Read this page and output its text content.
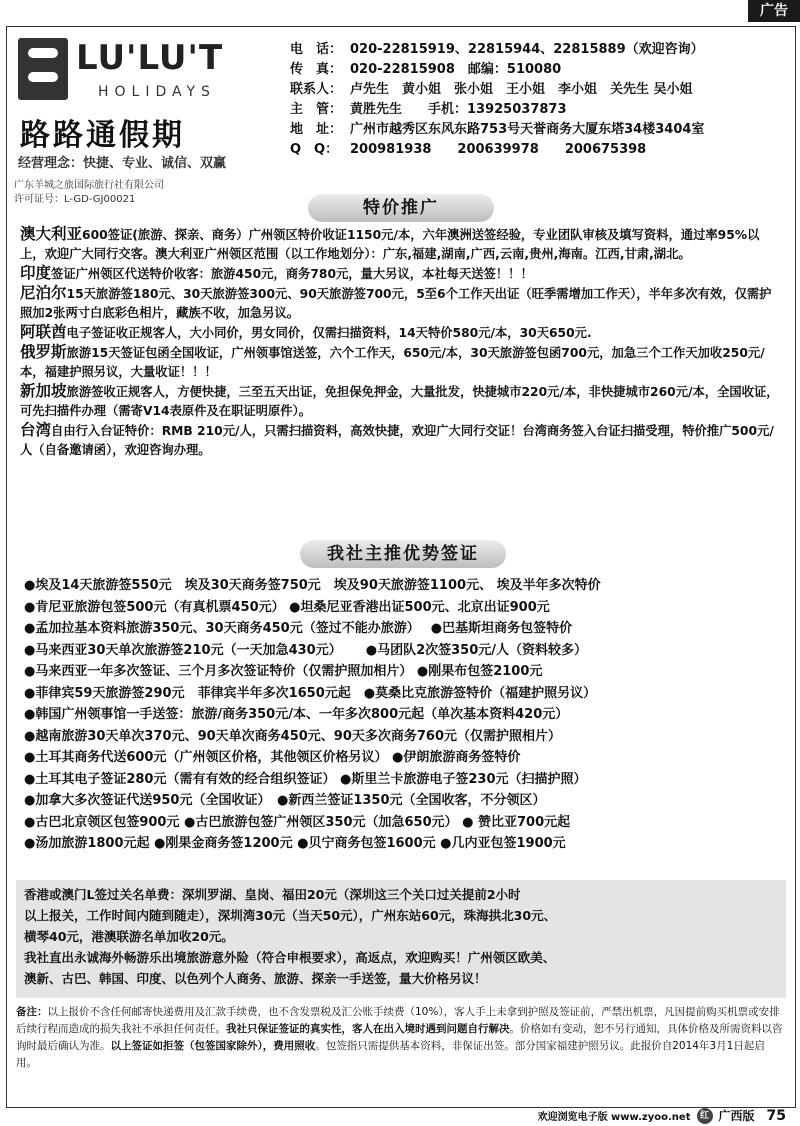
广告
LU'LU'T
HOLIDAYS
路路通假期
经营理念：快捷、专业、诚信、双赢
广东羊城之旅国际旅行社有限公司
许可证号：L-GD-GJ00021
电　话： 020-22815919、22815944、22815889（欢迎咨询）
传　真： 020-22815908　邮编：510080
联系人： 卢先生　黄小姐　张小姐　王小姐　李小姐　关先生 吴小姐
主　管： 黄胜先生　　手机：13925037873
地　址： 广州市越秀区东风东路753号天誉商务大厦东塔34楼3404室
Q　Q： 200981938　　200639978　　200675398
特价推广

澳大利亚600签证(旅游、探亲、商务）广州领区特价收证1150元/本，六年澳洲送签经验，专业团队审核及填写资料，通过率95%以上，欢迎广大同行交客。澳大利亚广州领区范围（以工作地划分）：广东,福建,湖南,广西,云南,贵州,海南。江西,甘肃,湖北。

印度签证广州领区代送特价收客：旅游450元，商务780元，量大另议，本社每天送签！！！

尼泊尔15天旅游签180元、30天旅游签300元、90天旅游签700元，5至6个工作天出证（旺季需增加工作天），半年多次有效，仅需护照加2张两寸白底彩色相片，藏族不收，加急另议。

阿联酋电子签证收正规客人，大小同价，男女同价，仅需扫描资料，14天特价580元/本，30天650元.

俄罗斯旅游15天签证包函全国收证，广州领事馆送签，六个工作天，650元/本，30天旅游签包函700元，加急三个工作天加收250元/本，福建护照另议，大量收证！！！

新加坡旅游签收正规客人，方便快捷，三至五天出证，免担保免押金，大量批发，快捷城市220元/本，非快捷城市260元/本，全国收证，可先扫描件办理（需寄V14表原件及在职证明原件）。

台湾自由行入台证特价：RMB 210元/人，只需扫描资料，高效快捷，欢迎广大同行交证！台湾商务签入台证扫描受理，特价推广500元/人（自备邀请函），欢迎咨询办理。

我社主推优势签证
●埃及14天旅游签550元　埃及30天商务签750元　埃及90天旅游签1100元、 埃及半年多次特价
●肯尼亚旅游包签500元（有真机票450元） ●坦桑尼亚香港出证500元、北京出证900元
●孟加拉基本资料旅游350元、30天商务450元（签过不能办旅游）　 ●巴基斯坦商务包签特价
●马来西亚30天单次旅游签210元（一天加急430元）　　 ●马团队2次签350元/人（资料较多）
●马来西亚一年多次签证、三个月多次签证特价（仅需护照加相片） ●刚果布包签2100元
●菲律宾59天旅游签290元　菲律宾半年多次1650元起　●莫桑比克旅游签特价（福建护照另议）
●韩国广州领事馆一手送签：旅游/商务350元/本、一年多次800元起（单次基本资料420元）
●越南旅游30天单次370元、90天单次商务450元、90天多次商务760元（仅需护照相片）
●土耳其商务代送600元（广州领区价格，其他领区价格另议） ●伊朗旅游商务签特价
●土耳其电子签证280元（需有有效的经合组织签证） ●斯里兰卡旅游电子签230元（扫描护照）
●加拿大多次签证代送950元（全国收证）　●新西兰签证1350元（全国收客，不分领区）
●古巴北京领区包签900元 ●古巴旅游包签广州领区350元（加急650元） ● 赞比亚700元起
●汤加旅游1800元起 ●刚果金商务签1200元 ●贝宁商务包签1600元 ●几内亚包签1900元
香港或澳门L签过关名单费：深圳罗湖、皇岗、福田20元（深圳这三个关口过关提前2小时
以上报关，工作时间内随到随走），深圳湾30元（当天50元），广州东站60元，珠海拱北30元、
横琴40元，港澳联游名单加收20元。
我社直出永诚海外畅游乐出境旅游意外险（符合申根要求），高返点，欢迎购买！广州领区欧美、
澳新、古巴、韩国、印度、以色列个人商务、旅游、探亲一手送签，量大价格另议！
备注：以上报价不含任何邮寄快递费用及汇款手续费，也不含发票税及汇公账手续费（10%），客人手上未拿到护照及签证前，严禁出机票，凡因提前购买机票或安排后续行程而造成的损失我社不承担任何责任。我社只保证签证的真实性，客人在出入境时遇到问题自行解决。价格如有变动，恕不另行通知，具体价格及所需资料以咨询时最后确认为准。以上签证如拒签（包签国家除外），费用照收。包签指只需提供基本资料，非保证出签。部分国家福建护照另议。此报价自2014年3月1日起启用。
欢迎浏览电子版 www.zyoo.net	红 广西版 75
